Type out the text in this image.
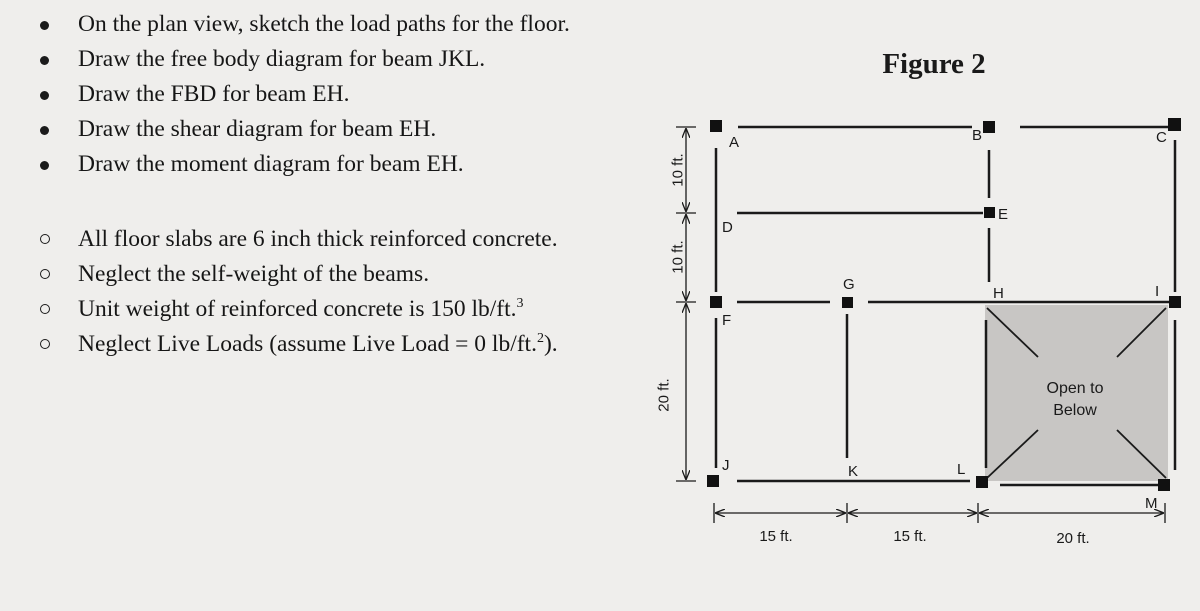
On the plan view, sketch the load paths for the floor.
Draw the free body diagram for beam JKL.
Draw the FBD for beam EH.
Draw the shear diagram for beam EH.
Draw the moment diagram for beam EH.
All floor slabs are 6 inch thick reinforced concrete.
Neglect the self-weight of the beams.
Unit weight of reinforced concrete is 150 lb/ft.$^3$
Neglect Live Loads (assume Live Load = 0 lb/ft.$^2$).
Figure 2
Open to
Below
A	B	C
D
E
F
G
H	I
J	K	L
M
10 ft.
10 ft.
20 ft.
15 ft.	15 ft.	20 ft.
